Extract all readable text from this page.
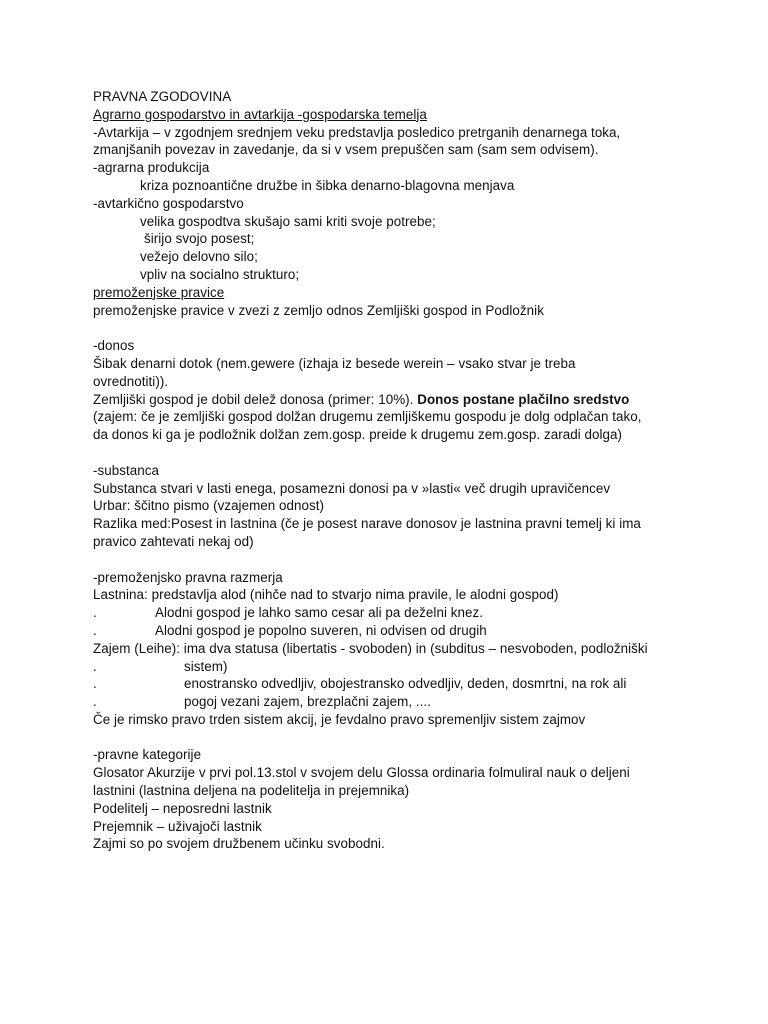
PRAVNA ZGODOVINA
Agrarno gospodarstvo in avtarkija -gospodarska temelja
-Avtarkija – v zgodnjem srednjem veku predstavlja posledico pretrganih denarnega toka,
zmanjšanih povezav in zavedanje, da si v vsem prepuščen sam (sam sem odvisem).
-agrarna produkcija
kriza poznoantične družbe in šibka denarno-blagovna menjava
-avtarkično gospodarstvo
velika gospodtva skušajo sami kriti svoje potrebe;
širijo svojo posest;
vežejo delovno silo;
vpliv na socialno strukturo;
premoženjske pravice
premoženjske pravice v zvezi z zemljo odnos Zemljiški gospod in Podložnik
-donos
Šibak denarni dotok (nem.gewere (izhaja iz besede werein – vsako stvar je treba
ovrednotiti)).
Zemljiški gospod je dobil delež donosa (primer: 10%). Donos postane plačilno sredstvo
(zajem: če je zemljiški gospod dolžan drugemu zemljiškemu gospodu je dolg odplačan tako,
da donos ki ga je podložnik dolžan zem.gosp. preide k drugemu zem.gosp. zaradi dolga)
-substanca
Substanca stvari v lasti enega, posamezni donosi pa v »lasti« več drugih upravičencev
Urbar: ščitno pismo (vzajemen odnost)
Razlika med:Posest in lastnina (če je posest narave donosov je lastnina pravni temelj ki ima
pravico zahtevati nekaj od)
-premoženjsko pravna razmerja
Lastnina: predstavlja alod (nihče nad to stvarjo nima pravile, le alodni gospod)
.	Alodni gospod je lahko samo cesar ali pa deželni knez.
.	Alodni gospod je popolno suveren, ni odvisen od drugih
Zajem (Leihe): ima dva statusa (libertatis - svoboden) in (subditus – nesvoboden, podložniški
.	sistem)
.	enostransko odvedljiv, obojestransko odvedljiv, deden, dosmrtni, na rok ali
.	pogoj vezani zajem, brezplačni zajem, ....
Če je rimsko pravo trden sistem akcij, je fevdalno pravo spremenljiv sistem zajmov
-pravne kategorije
Glosator Akurzije v prvi pol.13.stol v svojem delu Glossa ordinaria folmuliral nauk o deljeni
lastnini (lastnina deljena na podelitelja in prejemnika)
Podelitelj – neposredni lastnik
Prejemnik – uživajoči lastnik
Zajmi so po svojem družbenem učinku svobodni.
